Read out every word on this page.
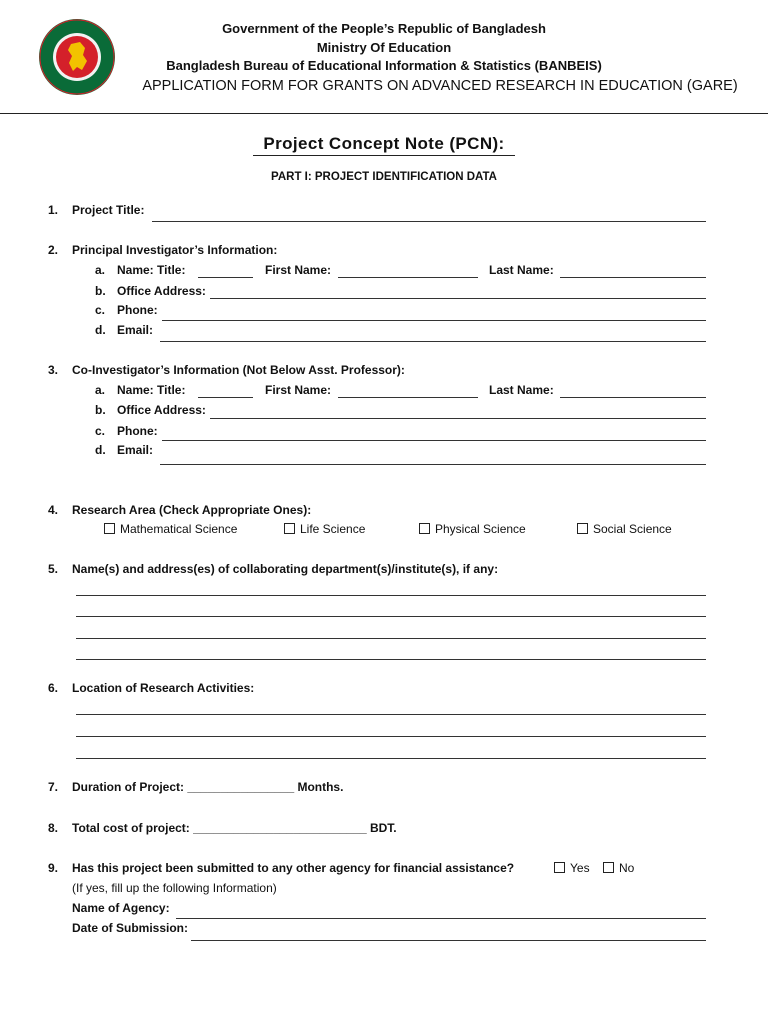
Government of the People’s Republic of Bangladesh
Ministry Of Education
Bangladesh Bureau of Educational Information & Statistics (BANBEIS)
APPLICATION FORM FOR GRANTS ON ADVANCED RESEARCH IN EDUCATION (GARE)
Project Concept Note (PCN):
PART I: PROJECT IDENTIFICATION DATA
1. Project Title:
2. Principal Investigator’s Information:
a. Name: Title:	First Name:	Last Name:
b. Office Address:
c. Phone:
d. Email:
3. Co-Investigator’s Information (Not Below Asst. Professor):
a. Name: Title:	First Name:	Last Name:
b. Office Address:
c. Phone:
d. Email:
4. Research Area (Check Appropriate Ones):
Mathematical Science	Life Science	Physical Science	Social Science
5. Name(s) and address(es) of collaborating department(s)/institute(s), if any:
6. Location of Research Activities:
7. Duration of Project: ________________ Months.
8. Total cost of project: __________________________ BDT.
9. Has this project been submitted to any other agency for financial assistance?	Yes	No
(If yes, fill up the following Information)
Name of Agency:
Date of Submission:
